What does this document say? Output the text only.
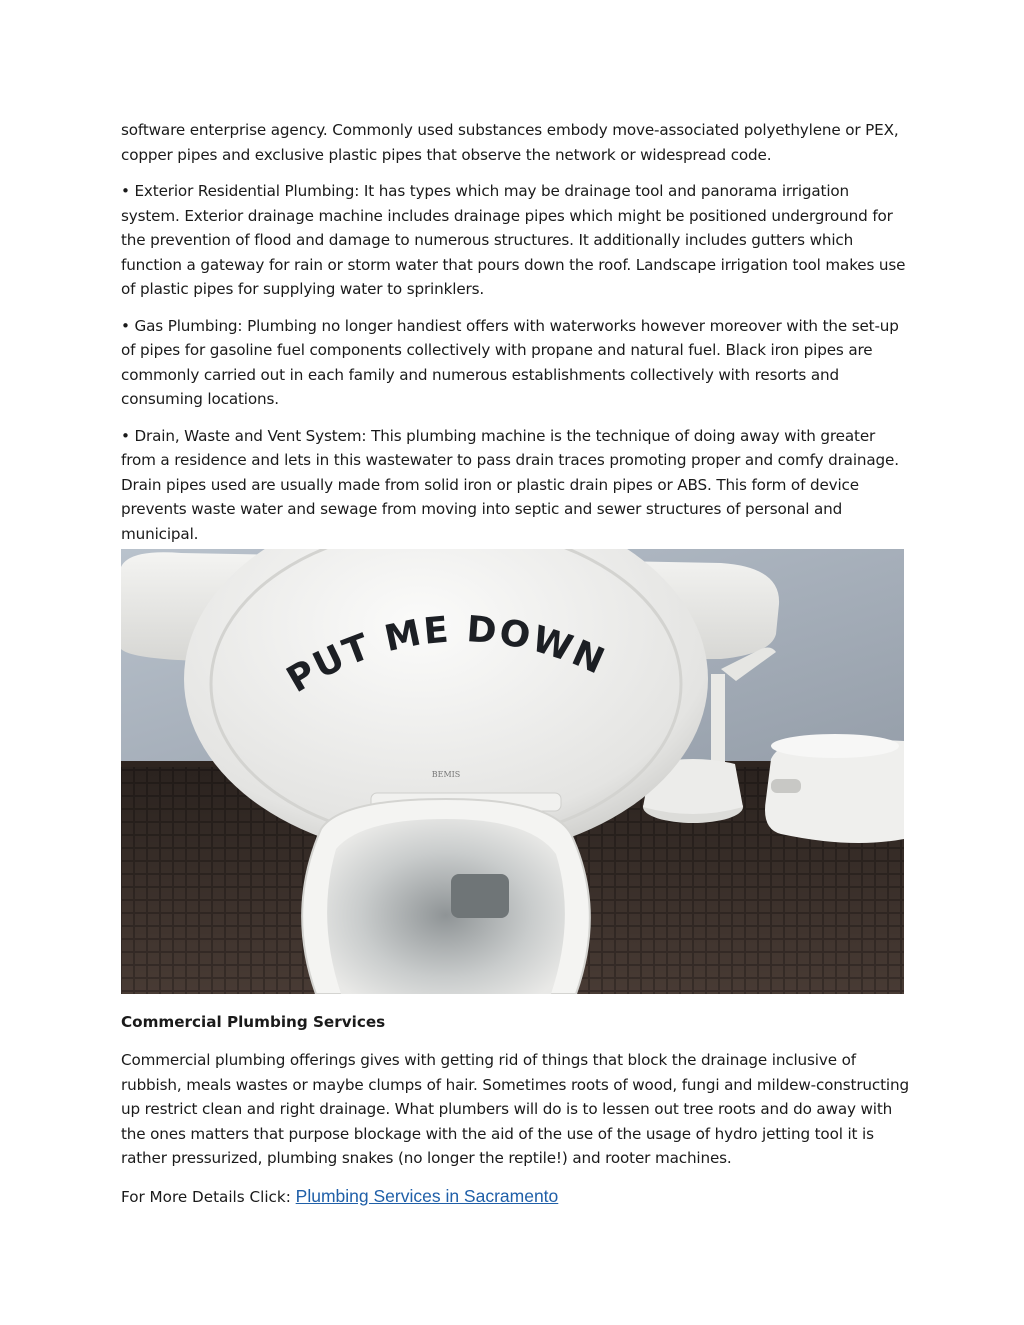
software enterprise agency. Commonly used substances embody move-associated polyethylene or PEX, copper pipes and exclusive plastic pipes that observe the network or widespread code.

• Exterior Residential Plumbing: It has types which may be drainage tool and panorama irrigation system. Exterior drainage machine includes drainage pipes which might be positioned underground for the prevention of flood and damage to numerous structures. It additionally includes gutters which function a gateway for rain or storm water that pours down the roof. Landscape irrigation tool makes use of plastic pipes for supplying water to sprinklers.

• Gas Plumbing: Plumbing no longer handiest offers with waterworks however moreover with the set-up of pipes for gasoline fuel components collectively with propane and natural fuel. Black iron pipes are commonly carried out in each family and numerous establishments collectively with resorts and consuming locations.

• Drain, Waste and Vent System: This plumbing machine is the technique of doing away with greater from a residence and lets in this wastewater to pass drain traces promoting proper and comfy drainage. Drain pipes used are usually made from solid iron or plastic drain pipes or ABS. This form of device prevents waste water and sewage from moving into septic and sewer structures of personal and municipal.

PUT ME DOWN
BEMIS
Commercial Plumbing Services

Commercial plumbing offerings gives with getting rid of things that block the drainage inclusive of rubbish, meals wastes or maybe clumps of hair. Sometimes roots of wood, fungi and mildew-constructing up restrict clean and right drainage. What plumbers will do is to lessen out tree roots and do away with the ones matters that purpose blockage with the aid of the use of the usage of hydro jetting tool it is rather pressurized, plumbing snakes (no longer the reptile!) and rooter machines.

For More Details Click: Plumbing Services in Sacramento
